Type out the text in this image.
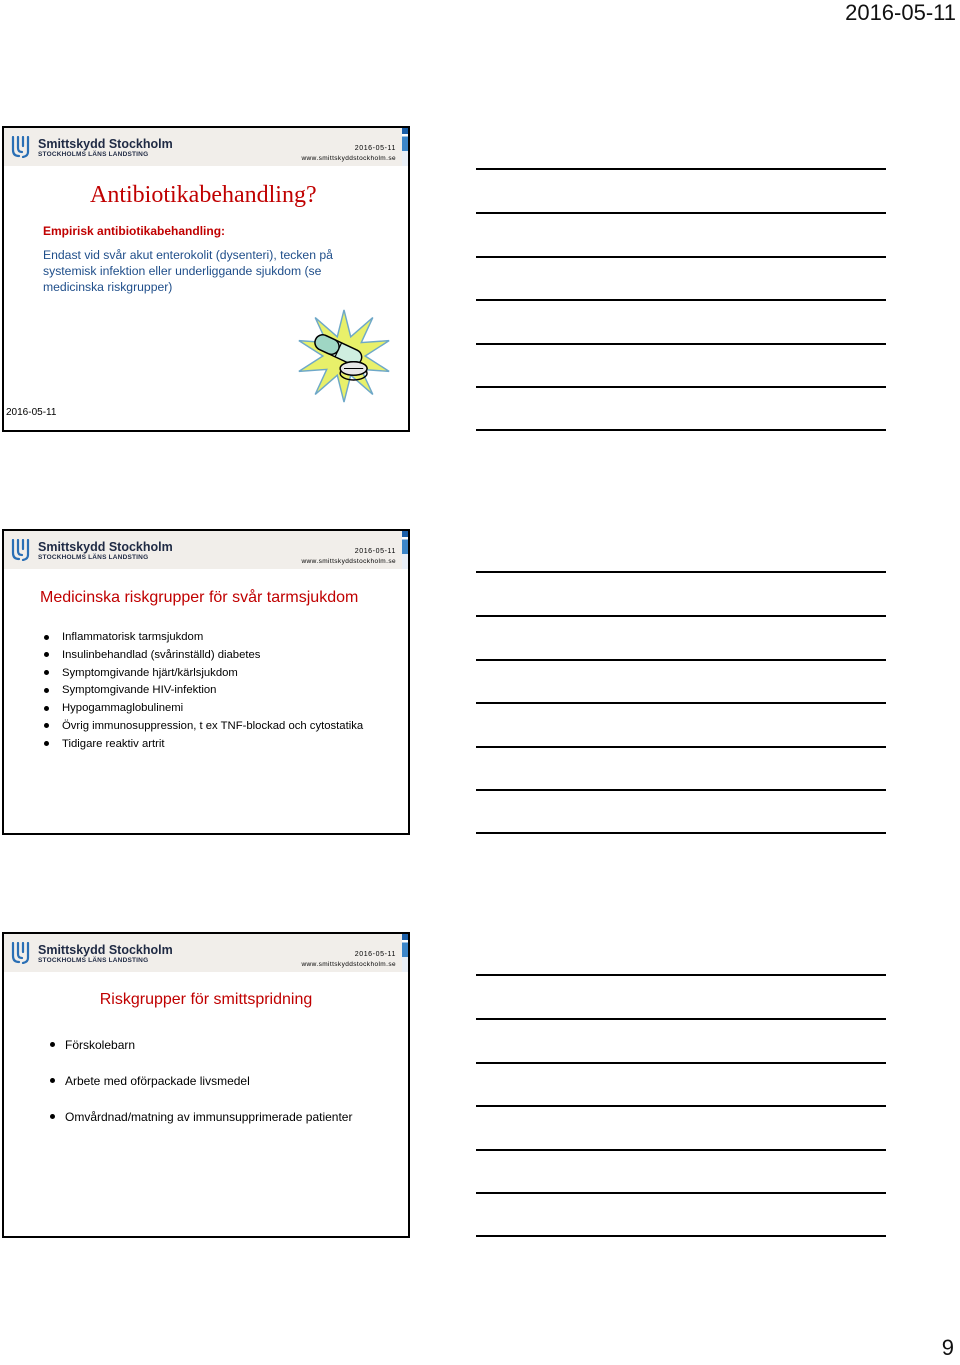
2016-05-11
Smittskydd Stockholm
STOCKHOLMS LÄNS LANDSTING
2016-05-11
www.smittskyddstockholm.se
Antibiotikabehandling?
Empirisk antibiotikabehandling:
Endast vid svår akut enterokolit (dysenteri), tecken på systemisk infektion eller underliggande sjukdom (se medicinska riskgrupper)
2016-05-11
Smittskydd Stockholm
STOCKHOLMS LÄNS LANDSTING
2016-05-11
www.smittskyddstockholm.se
Medicinska riskgrupper för svår tarmsjukdom
Inflammatorisk tarmsjukdom
Insulinbehandlad (svårinställd) diabetes
Symptomgivande hjärt/kärlsjukdom
Symptomgivande HIV-infektion
Hypogammaglobulinemi
Övrig immunosuppression, t ex TNF-blockad och cytostatika
Tidigare reaktiv artrit
Smittskydd Stockholm
STOCKHOLMS LÄNS LANDSTING
2016-05-11
www.smittskyddstockholm.se
Riskgrupper för smittspridning
Förskolebarn
Arbete med oförpackade livsmedel
Omvårdnad/matning av immunsupprimerade patienter
9
